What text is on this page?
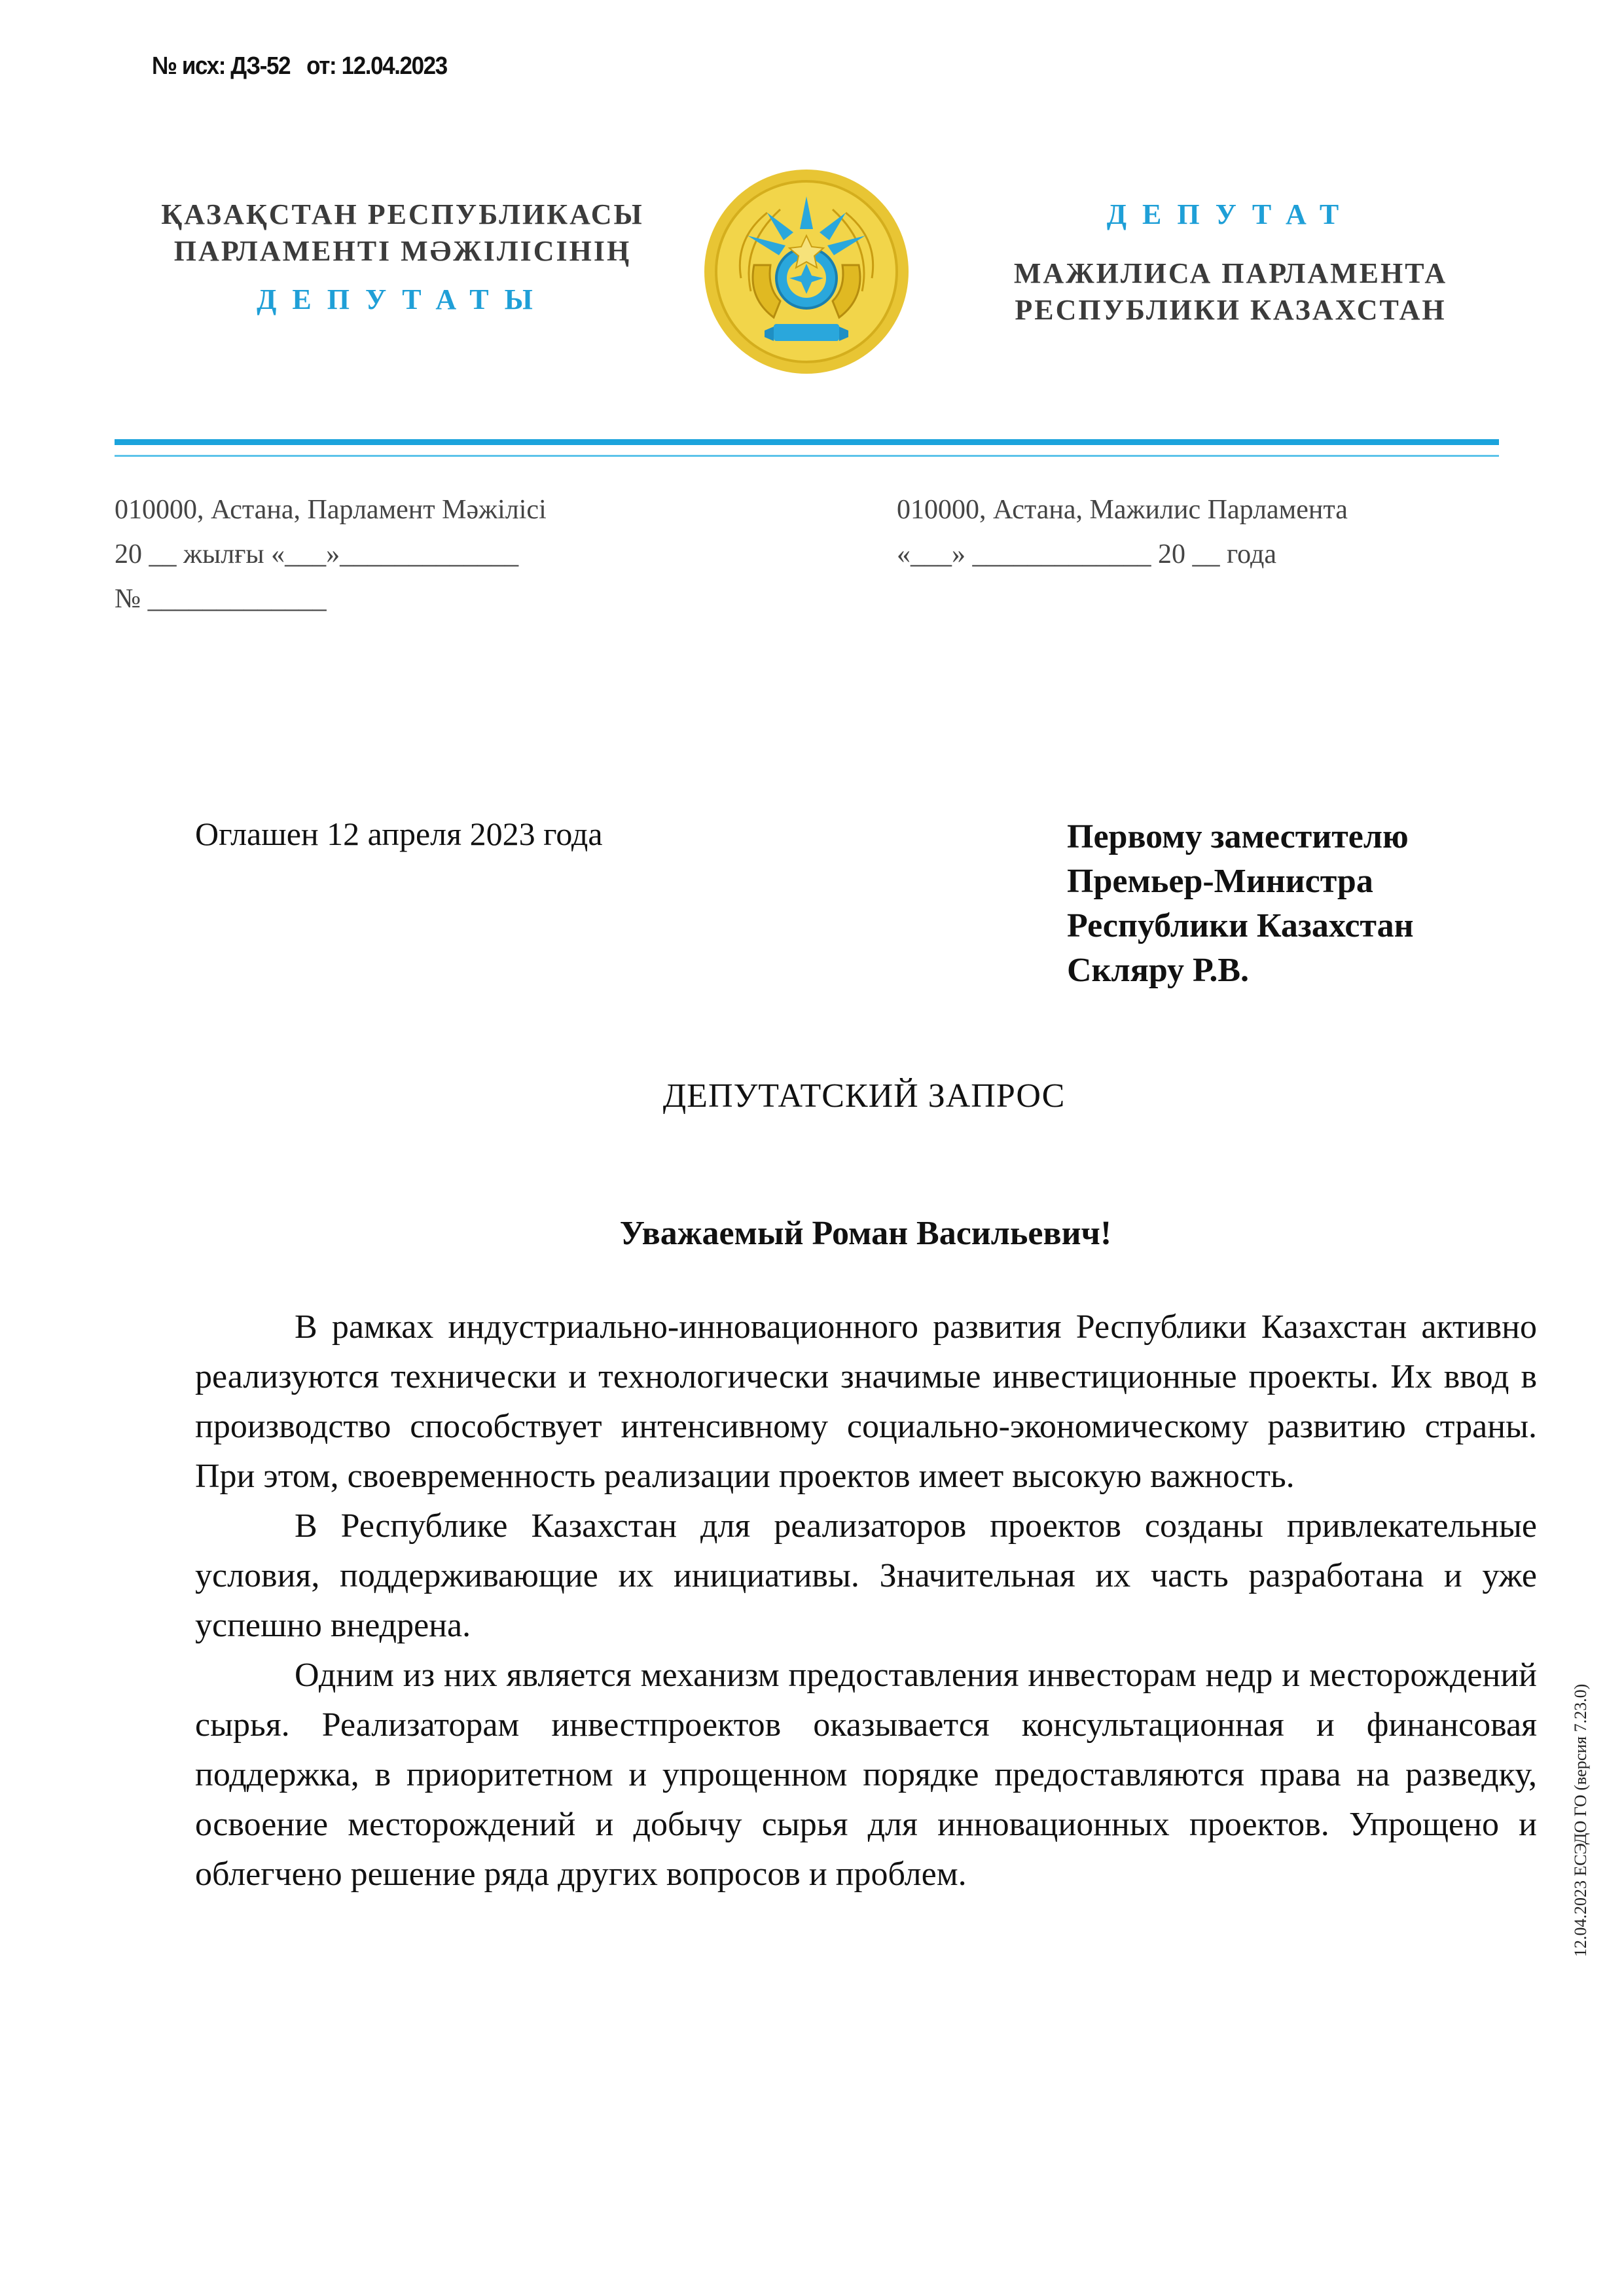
№ исх: ДЗ-52 от: 12.04.2023
ҚАЗАҚСТАН РЕСПУБЛИКАСЫ
ПАРЛАМЕНТІ МӘЖІЛІСІНІҢ
ДЕПУТАТЫ
ДЕПУТАТ
МАЖИЛИСА ПАРЛАМЕНТА
РЕСПУБЛИКИ КАЗАХСТАН
010000, Астана, Парламент Мәжілісі
20 __ жылғы «___»_____________
№ _____________
010000, Астана, Мажилис Парламента
«___» _____________ 20 __ года
Оглашен 12 апреля 2023 года	Первому заместителю
Премьер-Министра
Республики Казахстан
Скляру Р.В.
ДЕПУТАТСКИЙ ЗАПРОС
Уважаемый Роман Васильевич!

В рамках индустриально-инновационного развития Республики Казахстан активно реализуются технически и технологически значимые инвестиционные проекты. Их ввод в производство способствует интенсивному социально-экономическому развитию страны. При этом, своевременность реализации проектов имеет высокую важность.

В Республике Казахстан для реализаторов проектов созданы привлекательные условия, поддерживающие их инициативы. Значительная их часть разработана и уже успешно внедрена.

Одним из них является механизм предоставления инвесторам недр и месторождений сырья. Реализаторам инвестпроектов оказывается консультационная и финансовая поддержка, в приоритетном и упрощенном порядке предоставляются права на разведку, освоение месторождений и добычу сырья для инновационных проектов. Упрощено и облегчено решение ряда других вопросов и проблем.	12.04.2023 ЕСЭДО ГО (версия 7.23.0)
